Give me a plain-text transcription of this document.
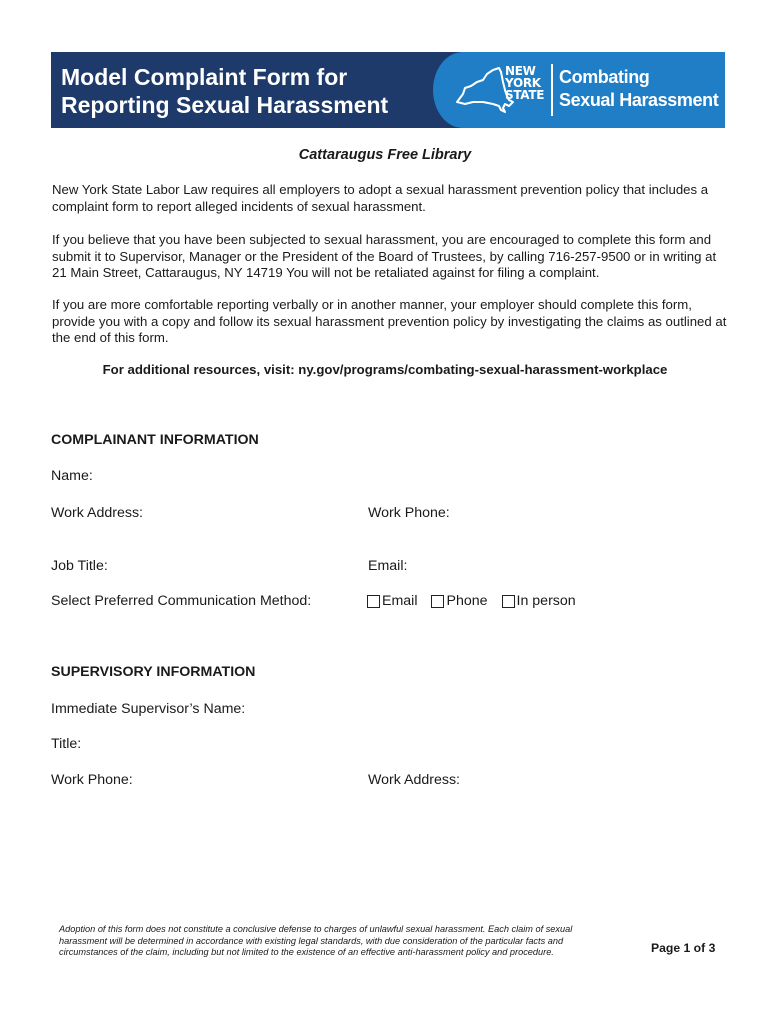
Model Complaint Form for
Reporting Sexual Harassment
NEW
YORK
STATE
Combating
Sexual Harassment

Cattaraugus Free Library

New York State Labor Law requires all employers to adopt a sexual harassment prevention policy that includes a complaint form to report alleged incidents of sexual harassment.

If you believe that you have been subjected to sexual harassment, you are encouraged to complete this form and submit it to Supervisor, Manager or the President of the Board of Trustees, by calling 716-257-9500 or in writing at 21 Main Street, Cattaraugus, NY 14719 You will not be retaliated against for filing a complaint.

If you are more comfortable reporting verbally or in another manner, your employer should complete this form, provide you with a copy and follow its sexual harassment prevention policy by investigating the claims as outlined at the end of this form.

For additional resources, visit: ny.gov/programs/combating-sexual-harassment-workplace

COMPLAINANT INFORMATION

Name:

Work Address:	Work Phone:

Job Title:	Email:

Select Preferred Communication Method:	Email Phone In person

SUPERVISORY INFORMATION

Immediate Supervisor’s Name:

Title:

Work Phone:	Work Address:

Adoption of this form does not constitute a conclusive defense to charges of unlawful sexual harassment. Each claim of sexual harassment will be determined in accordance with existing legal standards, with due consideration of the particular facts and circumstances of the claim, including but not limited to the existence of an effective anti-harassment policy and procedure.	Page 1 of 3
